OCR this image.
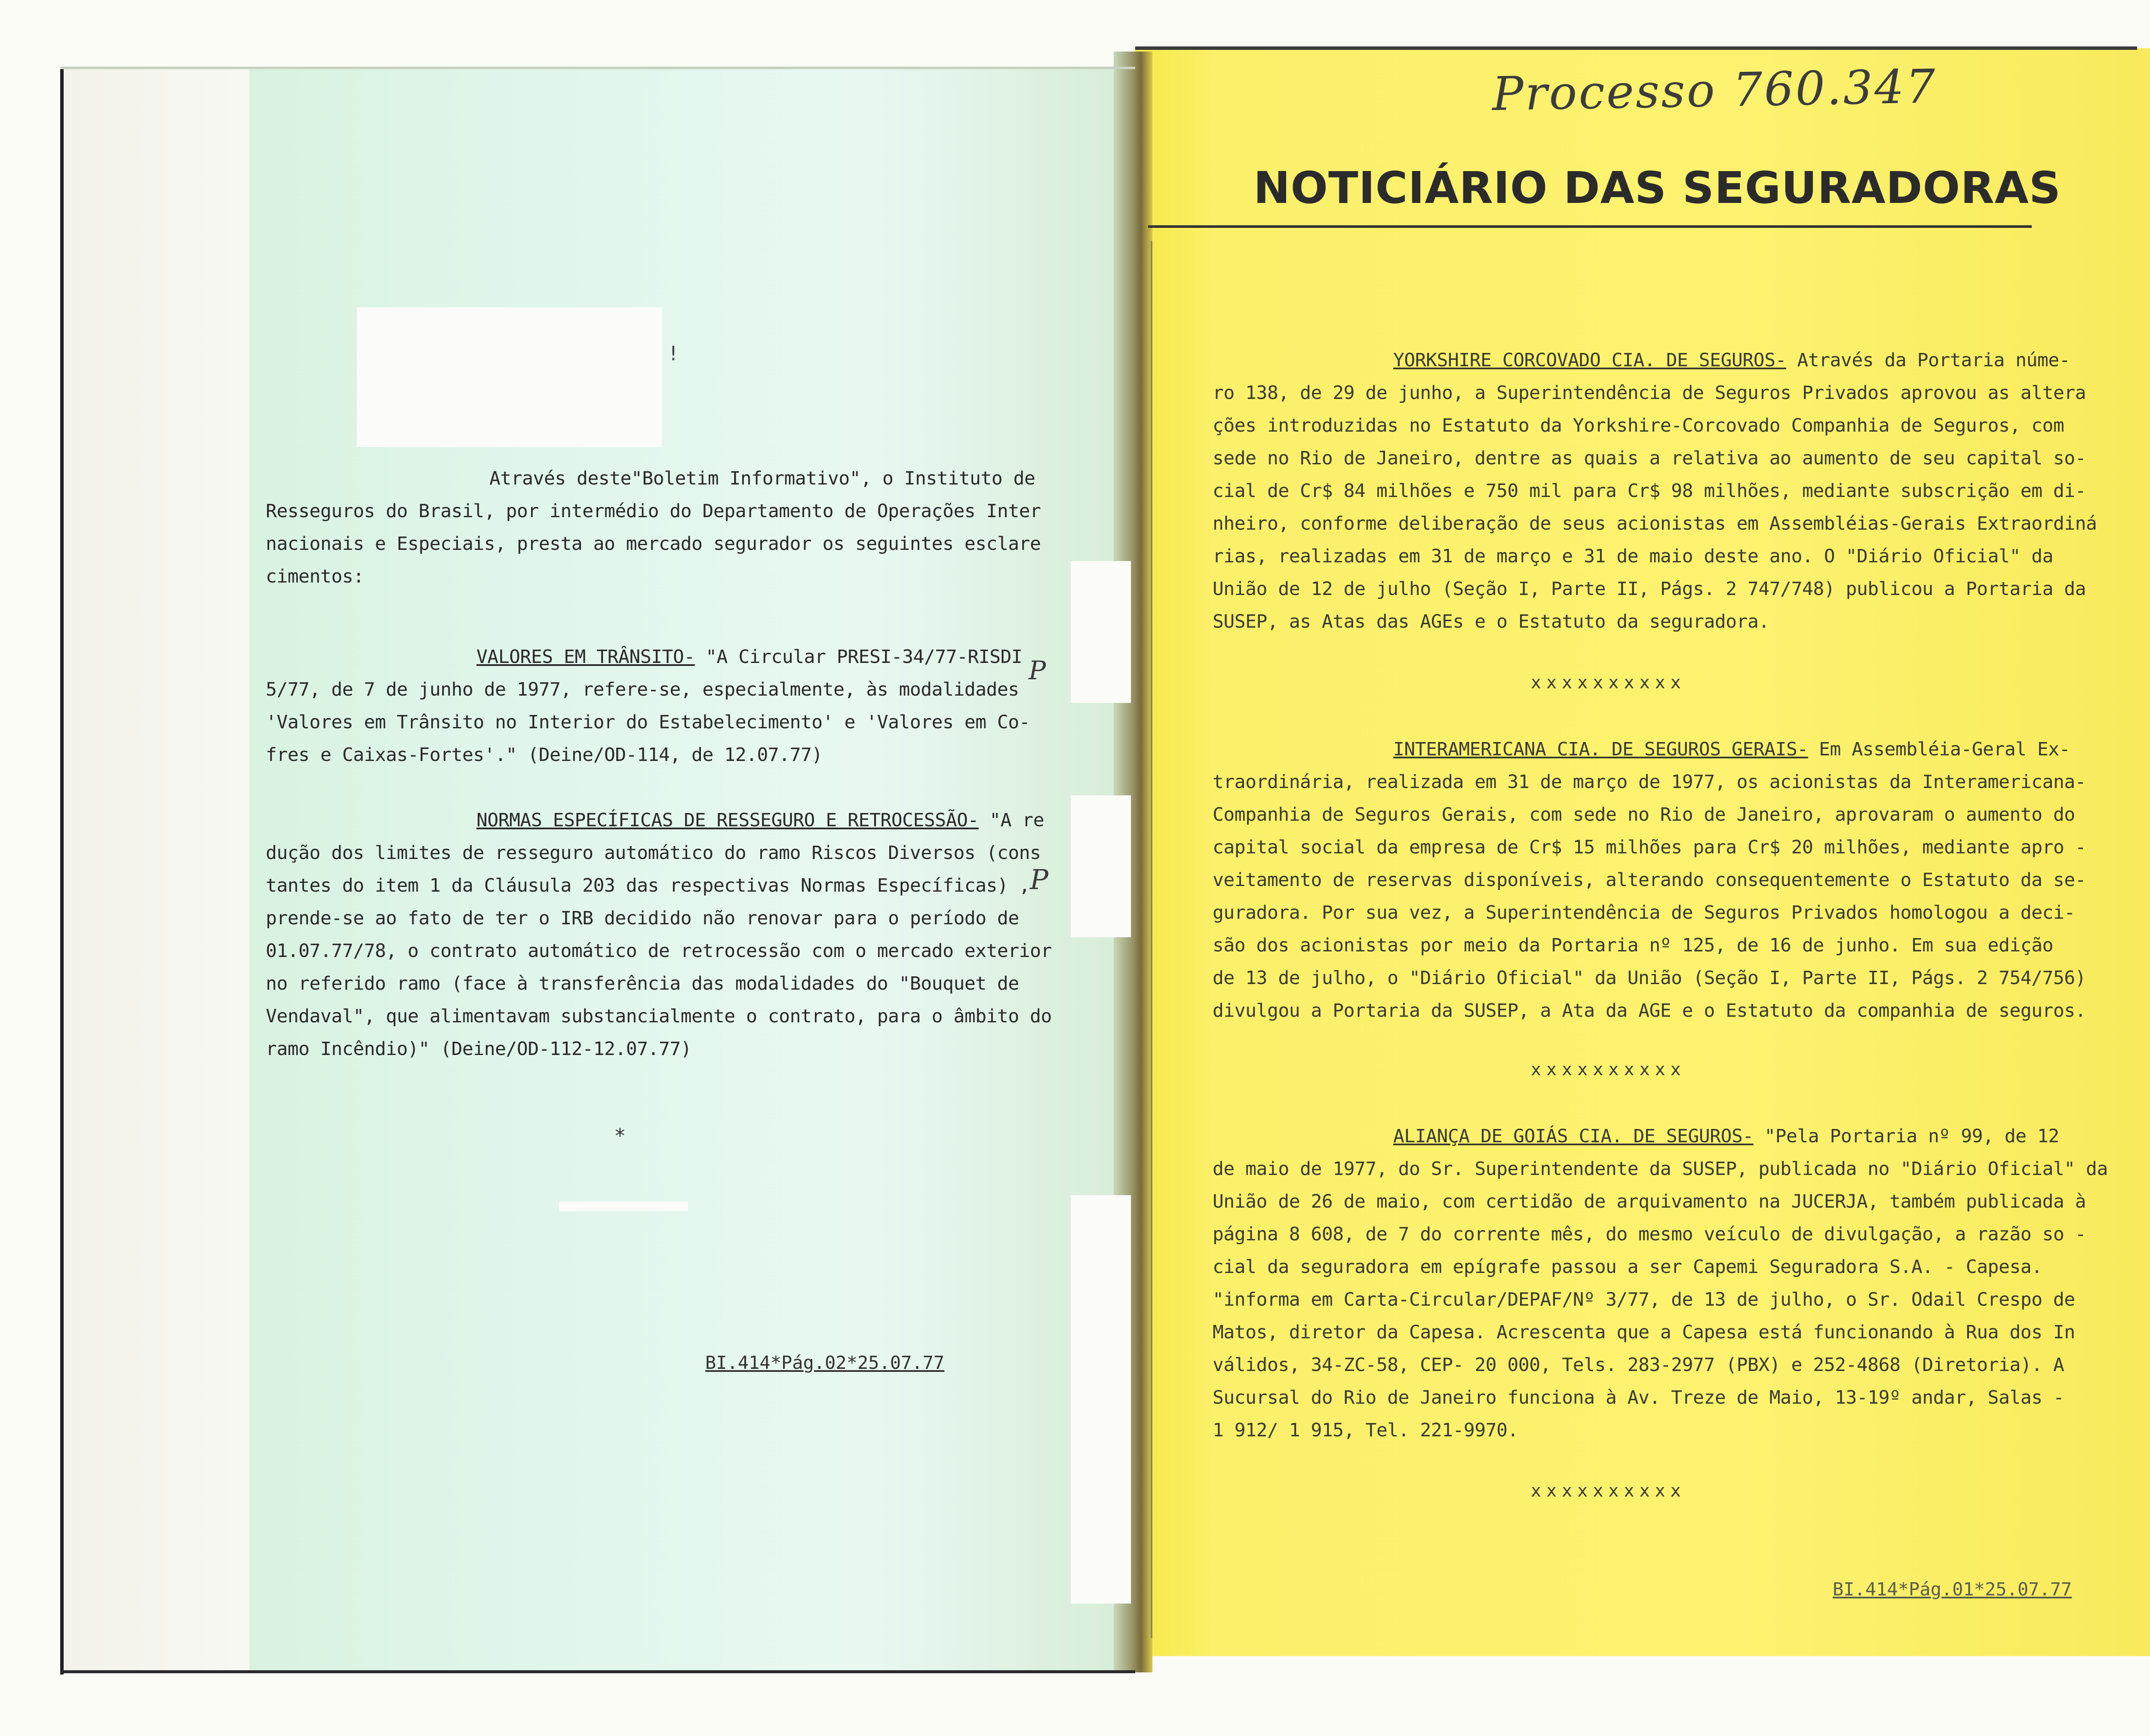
!
Através deste"Boletim Informativo", o Instituto de
Resseguros do Brasil, por intermédio do Departamento de Operações Inter
nacionais e Especiais, presta ao mercado segurador os seguintes esclare
cimentos:
VALORES EM TRÂNSITO- "A Circular PRESI-34/77-RISDI
5/77, de 7 de junho de 1977, refere-se, especialmente, às modalidades
'Valores em Trânsito no Interior do Estabelecimento' e 'Valores em Co-
fres e Caixas-Fortes'." (Deine/OD-114, de 12.07.77)
P
NORMAS ESPECÍFICAS DE RESSEGURO E RETROCESSÃO- "A re
dução dos limites de resseguro automático do ramo Riscos Diversos (cons
tantes do item 1 da Cláusula 203 das respectivas Normas Específicas) ,
prende-se ao fato de ter o IRB decidido não renovar para o período de
01.07.77/78, o contrato automático de retrocessão com o mercado exterior
no referido ramo (face à transferência das modalidades do "Bouquet de
Vendaval", que alimentavam substancialmente o contrato, para o âmbito do
ramo Incêndio)" (Deine/OD-112-12.07.77)
P
*
BI.414*Pág.02*25.07.77
Processo 760.347
NOTICIÁRIO DAS SEGURADORAS
YORKSHIRE CORCOVADO CIA. DE SEGUROS- Através da Portaria núme-
ro 138, de 29 de junho, a Superintendência de Seguros Privados aprovou as altera
ções introduzidas no Estatuto da Yorkshire-Corcovado Companhia de Seguros, com
sede no Rio de Janeiro, dentre as quais a relativa ao aumento de seu capital so-
cial de Cr$ 84 milhões e 750 mil para Cr$ 98 milhões, mediante subscrição em di-
nheiro, conforme deliberação de seus acionistas em Assembléias-Gerais Extraordiná
rias, realizadas em 31 de março e 31 de maio deste ano. O "Diário Oficial" da
União de 12 de julho (Seção I, Parte II, Págs. 2 747/748) publicou a Portaria da
SUSEP, as Atas das AGEs e o Estatuto da seguradora.
xxxxxxxxxx
INTERAMERICANA CIA. DE SEGUROS GERAIS- Em Assembléia-Geral Ex-
traordinária, realizada em 31 de março de 1977, os acionistas da Interamericana-
Companhia de Seguros Gerais, com sede no Rio de Janeiro, aprovaram o aumento do
capital social da empresa de Cr$ 15 milhões para Cr$ 20 milhões, mediante apro -
veitamento de reservas disponíveis, alterando consequentemente o Estatuto da se-
guradora. Por sua vez, a Superintendência de Seguros Privados homologou a deci-
são dos acionistas por meio da Portaria nº 125, de 16 de junho. Em sua edição
de 13 de julho, o "Diário Oficial" da União (Seção I, Parte II, Págs. 2 754/756)
divulgou a Portaria da SUSEP, a Ata da AGE e o Estatuto da companhia de seguros.
xxxxxxxxxx
ALIANÇA DE GOIÁS CIA. DE SEGUROS- "Pela Portaria nº 99, de 12
de maio de 1977, do Sr. Superintendente da SUSEP, publicada no "Diário Oficial" da
União de 26 de maio, com certidão de arquivamento na JUCERJA, também publicada à
página 8 608, de 7 do corrente mês, do mesmo veículo de divulgação, a razão so -
cial da seguradora em epígrafe passou a ser Capemi Seguradora S.A. - Capesa.
"informa em Carta-Circular/DEPAF/Nº 3/77, de 13 de julho, o Sr. Odail Crespo de
Matos, diretor da Capesa. Acrescenta que a Capesa está funcionando à Rua dos In
válidos, 34-ZC-58, CEP- 20 000, Tels. 283-2977 (PBX) e 252-4868 (Diretoria). A
Sucursal do Rio de Janeiro funciona à Av. Treze de Maio, 13-19º andar, Salas -
1 912/ 1 915, Tel. 221-9970.
xxxxxxxxxx
BI.414*Pág.01*25.07.77
